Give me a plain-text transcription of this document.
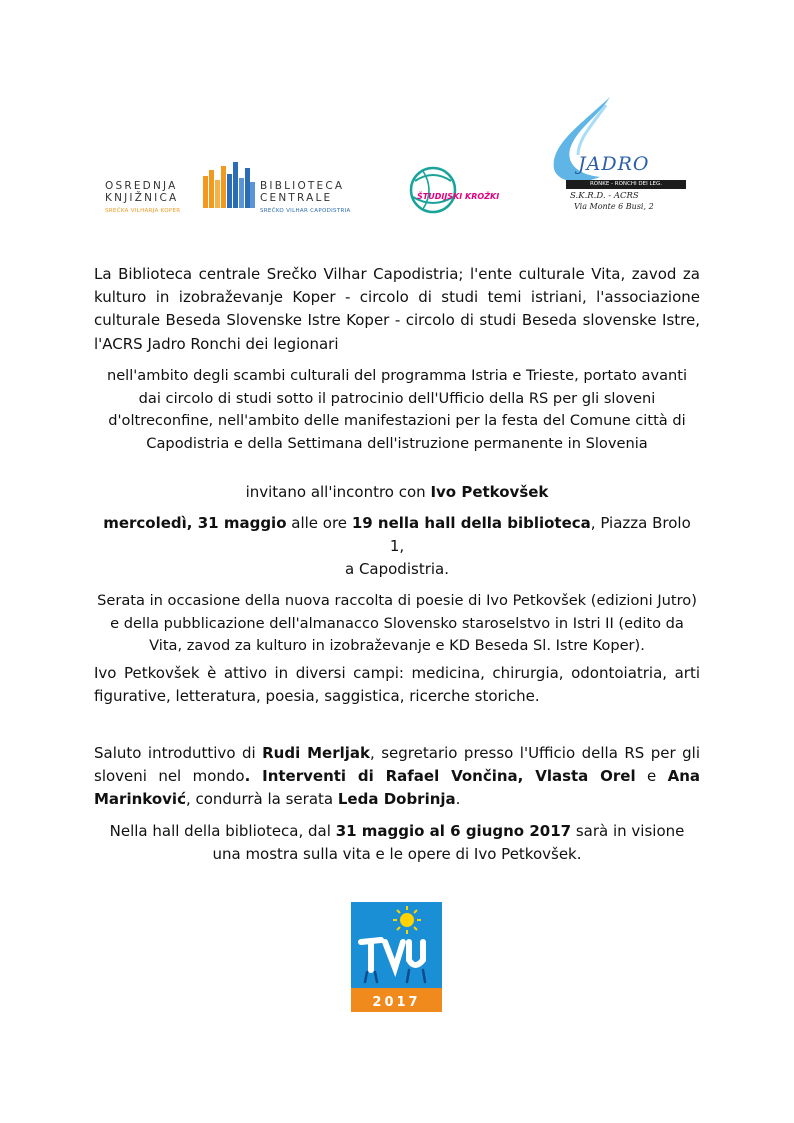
OSREDNJA
KNJIŽNICA
SREČKA VILHARJA KOPER
BIBLIOTECA
CENTRALE
SREČKO VILHAR CAPODISTRIA
ŠTUDIJSKI KROŽKI
JADRO
RONKE - RONCHI DEI LEG.
S.K.R.D. - ACRS
Via Monte 6 Busi, 2

La Biblioteca centrale Srečko Vilhar Capodistria; l'ente culturale Vita, zavod za kulturo in izobraževanje Koper - circolo di studi temi istriani, l'associazione culturale Beseda Slovenske Istre Koper - circolo di studi Beseda slovenske Istre, l'ACRS Jadro Ronchi dei legionari

nell'ambito degli scambi culturali del programma Istria e Trieste, portato avanti dai circolo di studi sotto il patrocinio dell'Ufficio della RS per gli sloveni d'oltreconfine, nell'ambito delle manifestazioni per la festa del Comune città di Capodistria e della Settimana dell'istruzione permanente in Slovenia

invitano all'incontro con Ivo Petkovšek

mercoledì, 31 maggio alle ore 19 nella hall della biblioteca, Piazza Brolo 1,
a Capodistria.

Serata in occasione della nuova raccolta di poesie di Ivo Petkovšek (edizioni Jutro) e della pubblicazione dell'almanacco Slovensko staroselstvo in Istri II (edito da Vita, zavod za kulturo in izobraževanje e KD Beseda Sl. Istre Koper).

Ivo Petkovšek è attivo in diversi campi: medicina, chirurgia, odontoiatria, arti figurative, letteratura, poesia, saggistica, ricerche storiche.

Saluto introduttivo di Rudi Merljak, segretario presso l'Ufficio della RS per gli sloveni nel mondo. Interventi di Rafael Vončina, Vlasta Orel e Ana Marinković, condurrà la serata Leda Dobrinja.

Nella hall della biblioteca, dal 31 maggio al 6 giugno 2017 sarà in visione una mostra sulla vita e le opere di Ivo Petkovšek.

2017
